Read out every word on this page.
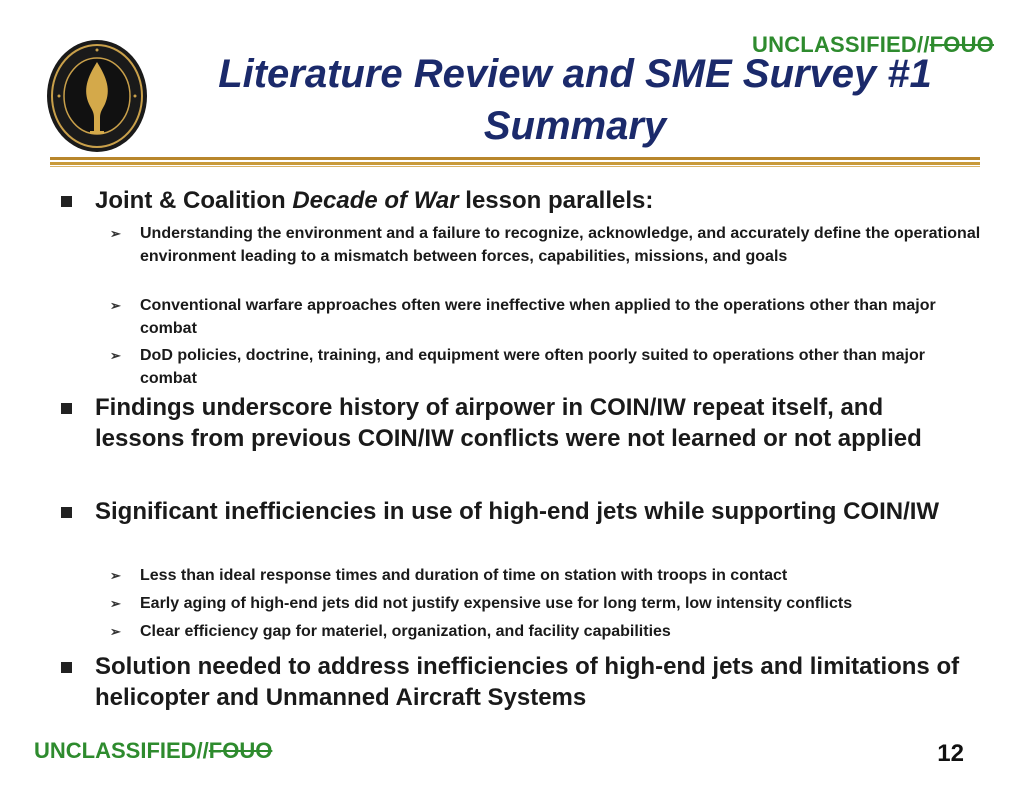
UNCLASSIFIED//FOUO
Literature Review and SME Survey #1
Summary
Joint & Coalition Decade of War lesson parallels:
➢ Understanding the environment and a failure to recognize, acknowledge, and accurately define the operational environment leading to a mismatch between forces, capabilities, missions, and goals
➢ Conventional warfare approaches often were ineffective when applied to the operations other than major combat
➢ DoD policies, doctrine, training, and equipment were often poorly suited to operations other than major combat
Findings underscore history of airpower in COIN/IW repeat itself, and lessons from previous COIN/IW conflicts were not learned or not applied
Significant inefficiencies in use of high-end jets while supporting COIN/IW
➢ Less than ideal response times and duration of time on station with troops in contact
➢ Early aging of high-end jets did not justify expensive use for long term, low intensity conflicts
➢ Clear efficiency gap for materiel, organization, and facility capabilities
Solution needed to address inefficiencies of high-end jets and limitations of helicopter and Unmanned Aircraft Systems
UNCLASSIFIED//FOUO	12
